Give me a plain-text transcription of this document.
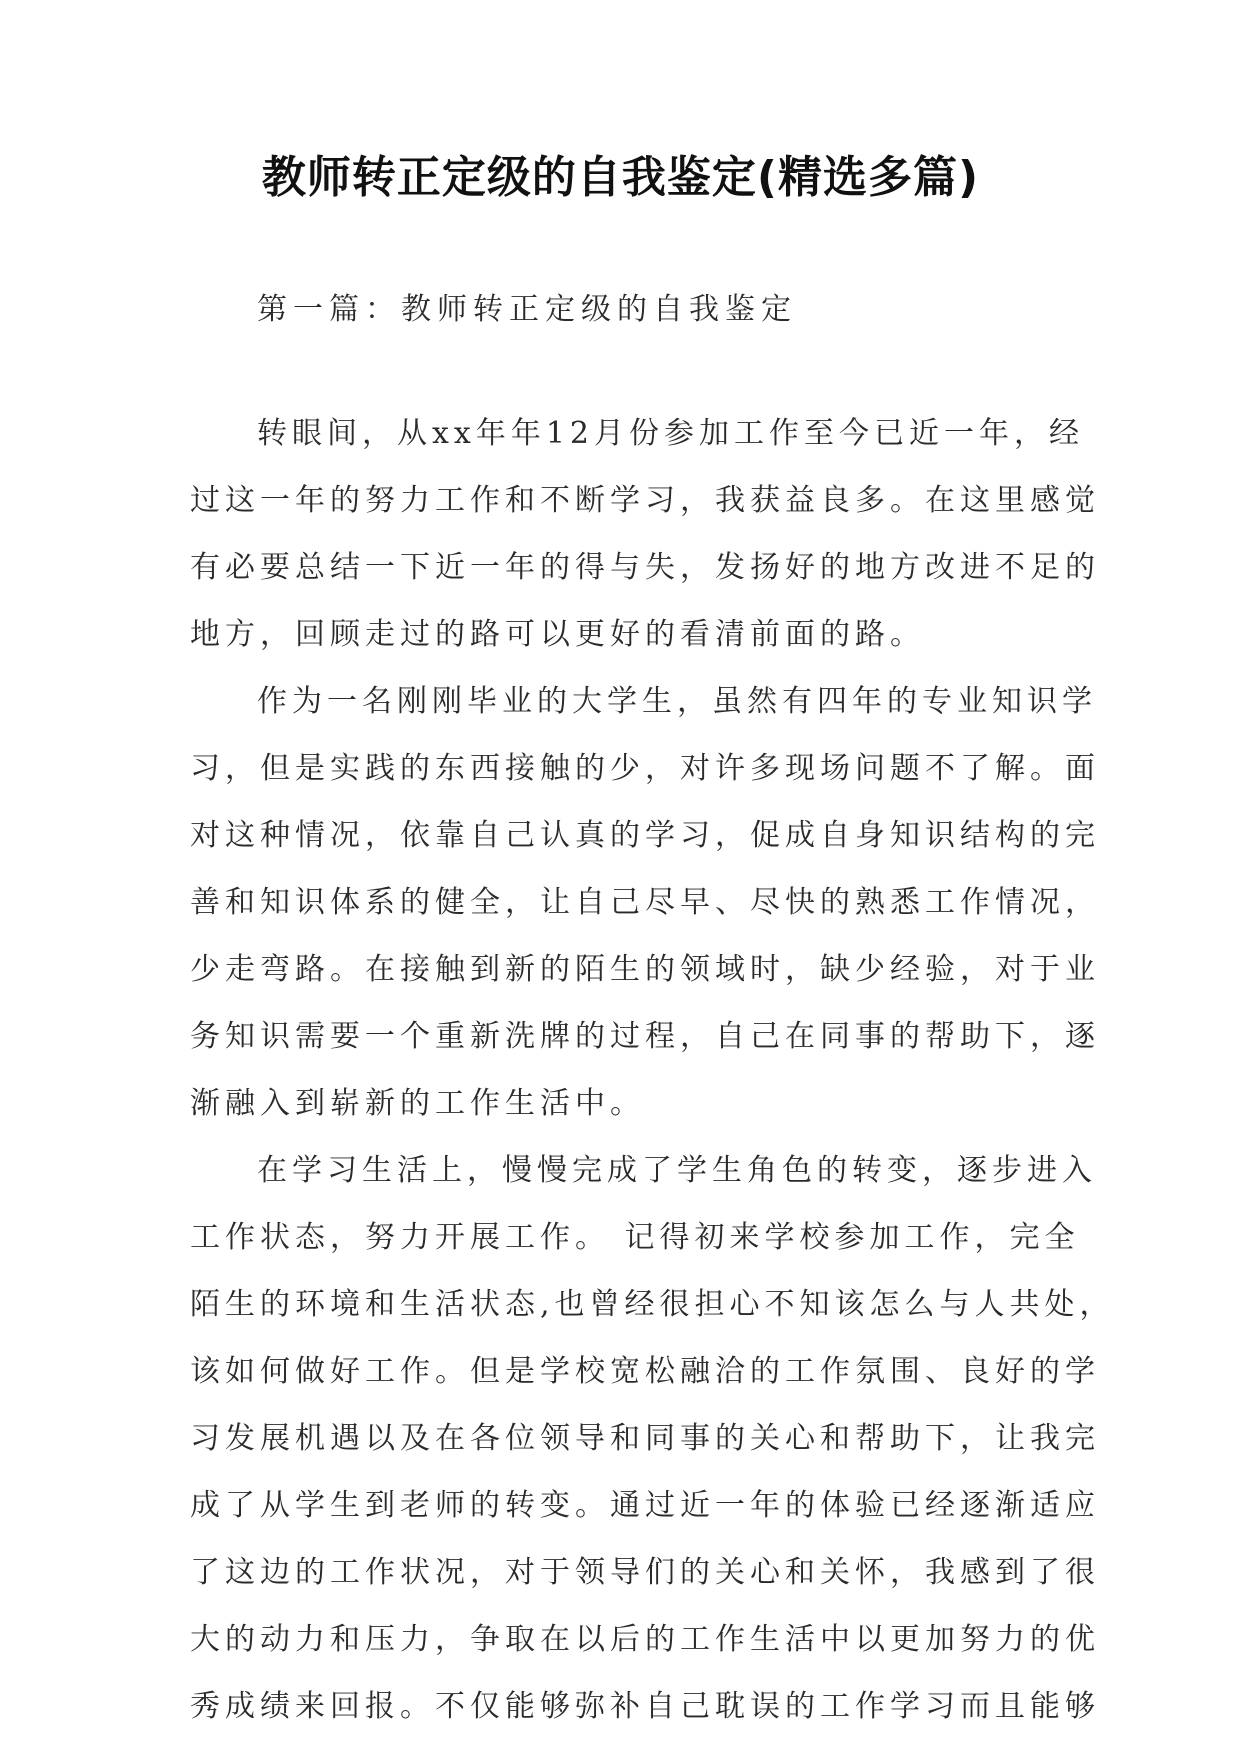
教师转正定级的自我鉴定(精选多篇)
第一篇：教师转正定级的自我鉴定
转眼间，从xx年年12月份参加工作至今已近一年，经
过这一年的努力工作和不断学习，我获益良多。在这里感觉
有必要总结一下近一年的得与失，发扬好的地方改进不足的
地方，回顾走过的路可以更好的看清前面的路。
作为一名刚刚毕业的大学生，虽然有四年的专业知识学
习，但是实践的东西接触的少，对许多现场问题不了解。面
对这种情况，依靠自己认真的学习，促成自身知识结构的完
善和知识体系的健全，让自己尽早、尽快的熟悉工作情况，
少走弯路。在接触到新的陌生的领域时，缺少经验，对于业
务知识需要一个重新洗牌的过程，自己在同事的帮助下，逐
渐融入到崭新的工作生活中。
在学习生活上，慢慢完成了学生角色的转变，逐步进入
工作状态，努力开展工作。 记得初来学校参加工作，完全
陌生的环境和生活状态,也曾经很担心不知该怎么与人共处，
该如何做好工作。但是学校宽松融洽的工作氛围、良好的学
习发展机遇以及在各位领导和同事的关心和帮助下，让我完
成了从学生到老师的转变。通过近一年的体验已经逐渐适应
了这边的工作状况，对于领导们的关心和关怀，我感到了很
大的动力和压力，争取在以后的工作生活中以更加努力的优
秀成绩来回报。不仅能够弥补自己耽误的工作学习而且能够
